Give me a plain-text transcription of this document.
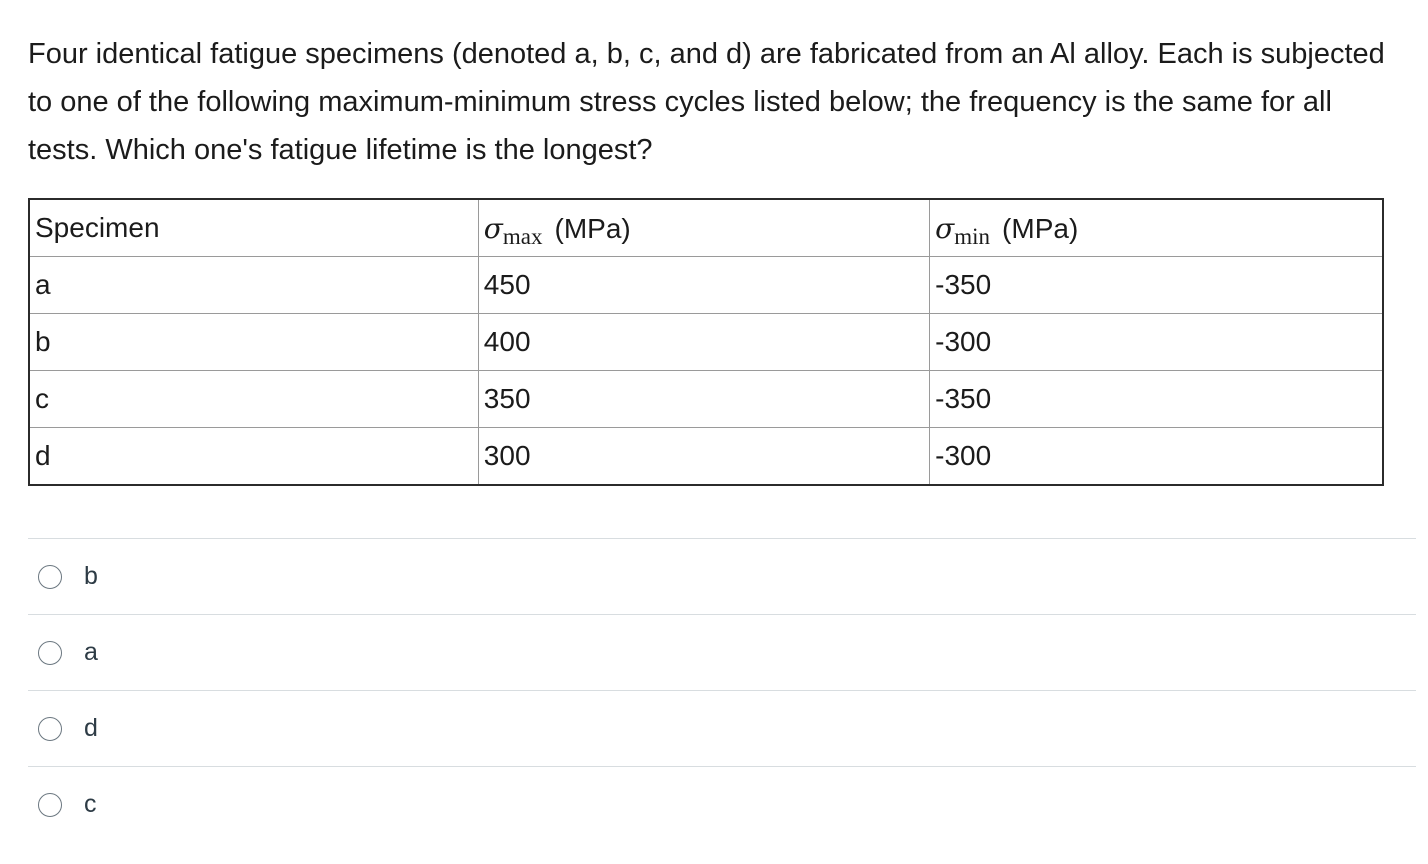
Four identical fatigue specimens (denoted a, b, c, and d) are fabricated from an Al alloy. Each is subjected to one of the following maximum-minimum stress cycles listed below; the frequency is the same for all tests. Which one's fatigue lifetime is the longest?

Specimen	$\sigma_{max}$ (MPa)	$\sigma_{min}$ (MPa)
a	450	-350
b	400	-300
c	350	-350
d	300	-300
b
a
d
c
